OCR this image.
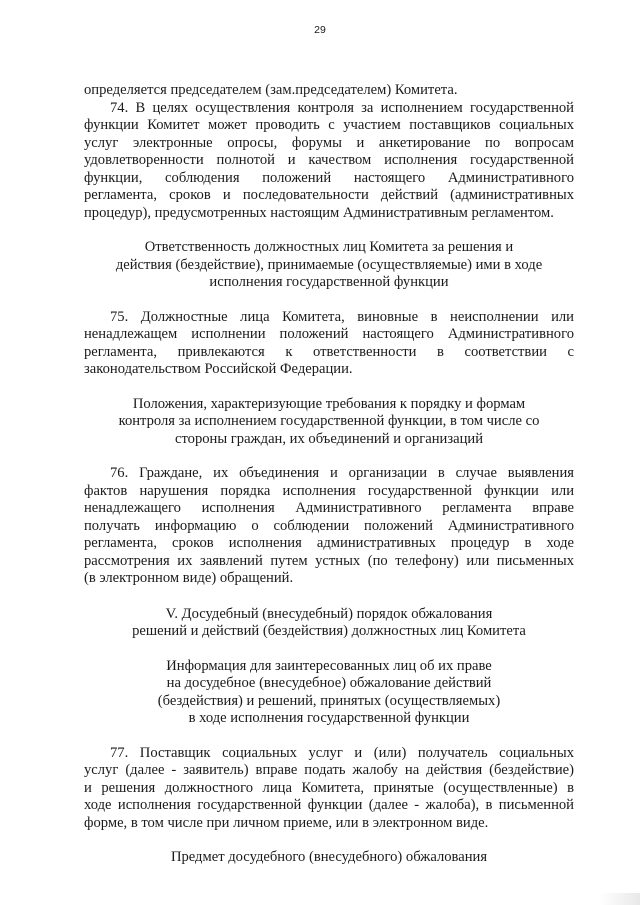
29

определяется председателем (зам.председателем) Комитета.

74. В целях осуществления контроля за исполнением государственной
функции Комитет может проводить с участием поставщиков социальных
услуг электронные опросы, форумы и анкетирование по вопросам
удовлетворенности полнотой и качеством исполнения государственной
функции, соблюдения положений настоящего Административного
регламента, сроков и последовательности действий (административных
процедур), предусмотренных настоящим Административным регламентом.

Ответственность должностных лиц Комитета за решения и
действия (бездействие), принимаемые (осуществляемые) ими в ходе
исполнения государственной функции

75. Должностные лица Комитета, виновные в неисполнении или
ненадлежащем исполнении положений настоящего Административного
регламента, привлекаются к ответственности в соответствии с
законодательством Российской Федерации.

Положения, характеризующие требования к порядку и формам
контроля за исполнением государственной функции, в том числе со
стороны граждан, их объединений и организаций

76. Граждане, их объединения и организации в случае выявления
фактов нарушения порядка исполнения государственной функции или
ненадлежащего исполнения Административного регламента вправе
получать информацию о соблюдении положений Административного
регламента, сроков исполнения административных процедур в ходе
рассмотрения их заявлений путем устных (по телефону) или письменных
(в электронном виде) обращений.

V. Досудебный (внесудебный) порядок обжалования
решений и действий (бездействия) должностных лиц Комитета
Информация для заинтересованных лиц об их праве
на досудебное (внесудебное) обжалование действий
(бездействия) и решений, принятых (осуществляемых)
в ходе исполнения государственной функции

77. Поставщик социальных услуг и (или) получатель социальных
услуг (далее - заявитель) вправе подать жалобу на действия (бездействие)
и решения должностного лица Комитета, принятые (осуществленные) в
ходе исполнения государственной функции (далее - жалоба), в письменной
форме, в том числе при личном приеме, или в электронном виде.

Предмет досудебного (внесудебного) обжалования
